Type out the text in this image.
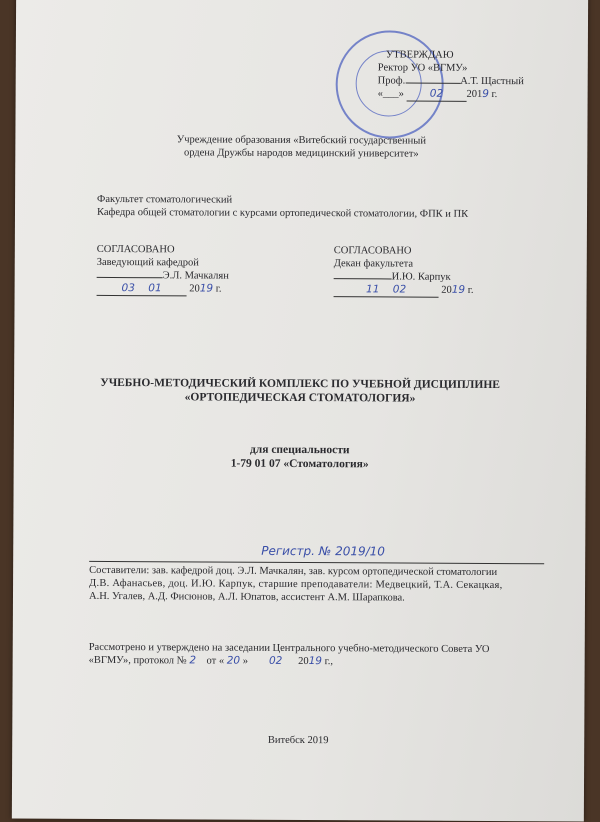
УТВЕРЖДАЮ
Ректор УО «ВГМУ»
Проф.	А.Т. Щастный
«___» 02 2019 г.
Учреждение образования «Витебский государственный
ордена Дружбы народов медицинский университет»
Факультет стоматологический
Кафедра общей стоматологии с курсами ортопедической стоматологии, ФПК и ПК
СОГЛАСОВАНО
Заведующий кафедрой
Э.Л. Мачкалян
03 01	2019 г.
СОГЛАСОВАНО
Декан факультета
И.Ю. Карпук
11 02	2019 г.
УЧЕБНО-МЕТОДИЧЕСКИЙ КОМПЛЕКС ПО УЧЕБНОЙ ДИСЦИПЛИНЕ
«ОРТОПЕДИЧЕСКАЯ СТОМАТОЛОГИЯ»
для специальности
1-79 01 07 «Стоматология»
Регистр. № 2019/10
Составители: зав. кафедрой доц. Э.Л. Мачкалян, зав. курсом ортопедической стоматологии
Д.В. Афанасьев, доц. И.Ю. Карпук, старшие преподаватели: Медвецкий, Т.А. Секацкая,
А.Н. Угалев, А.Д. Фисюнов, А.Л. Юпатов, ассистент А.М. Шарапкова.
Рассмотрено и утверждено на заседании Центрального учебно-методического Совета УО
«ВГМУ», протокол № 2 от « 20 » 02 2019 г.,
Витебск 2019
